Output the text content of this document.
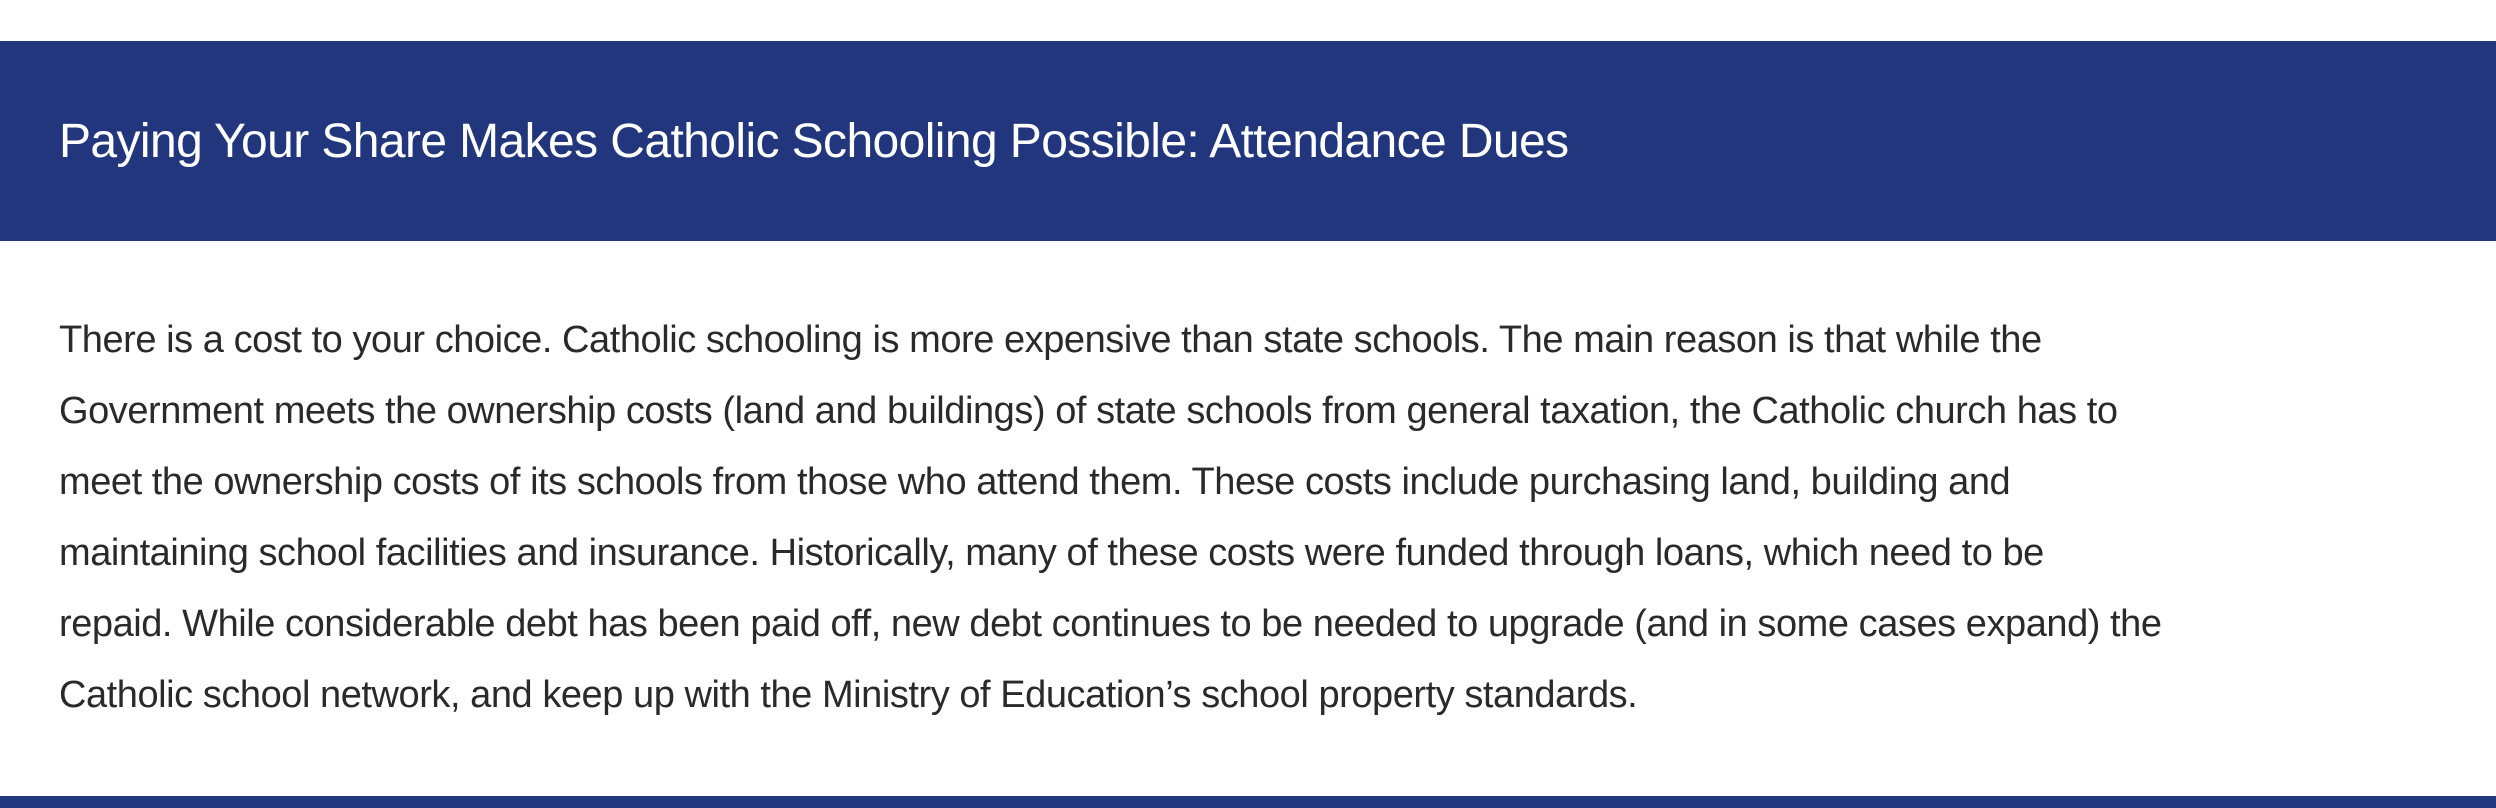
Paying Your Share Makes Catholic Schooling Possible: Attendance Dues

There is a cost to your choice. Catholic schooling is more expensive than state schools. The main reason is that while the
Government meets the ownership costs (land and buildings) of state schools from general taxation, the Catholic church has to
meet the ownership costs of its schools from those who attend them. These costs include purchasing land, building and
maintaining school facilities and insurance. Historically, many of these costs were funded through loans, which need to be
repaid. While considerable debt has been paid off, new debt continues to be needed to upgrade (and in some cases expand) the
Catholic school network, and keep up with the Ministry of Education’s school property standards.
